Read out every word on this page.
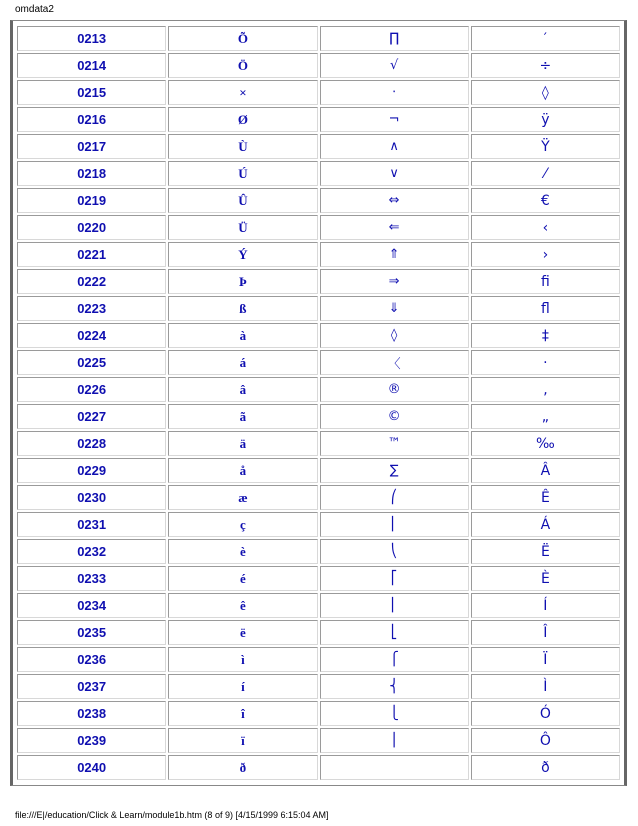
omdata2
0213	Õ	∏	′
0214	Ö	√	÷
0215	×	⋅	◊
0216	Ø	¬	ÿ
0217	Ù	∧	Ÿ
0218	Ú	∨	⁄
0219	Û	⇔	€
0220	Ü	⇐	‹
0221	Ý	⇑	›
0222	Þ	⇒	ﬁ
0223	ß	⇓	ﬂ
0224	à	◊	‡
0225	á	〈	·
0226	â	®	‚
0227	ã	©	„
0228	ä	™	‰
0229	å	∑	Â
0230	æ	⎛	Ê
0231	ç	⎜	Á
0232	è	⎝	Ë
0233	é	⎡	È
0234	ê	⎢	Í
0235	ë	⎣	Î
0236	ì	⎧	Ï
0237	í	⎨	Ì
0238	î	⎩	Ó
0239	ï	⎪	Ô
0240	ð		ð
file:///E|/education/Click & Learn/module1b.htm (8 of 9) [4/15/1999 6:15:04 AM]
